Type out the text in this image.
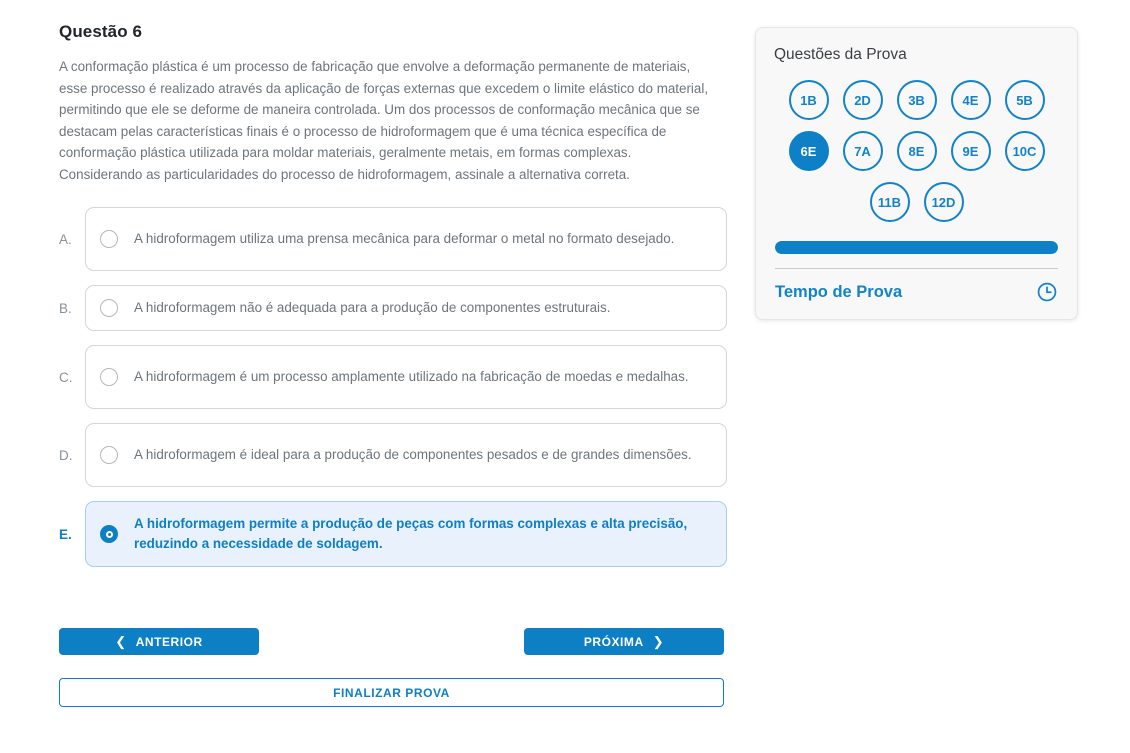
Questão 6

A conformação plástica é um processo de fabricação que envolve a deformação permanente de materiais, esse processo é realizado através da aplicação de forças externas que excedem o limite elástico do material, permitindo que ele se deforme de maneira controlada. Um dos processos de conformação mecânica que se destacam pelas características finais é o processo de hidroformagem que é uma técnica específica de conformação plástica utilizada para moldar materiais, geralmente metais, em formas complexas.

Considerando as particularidades do processo de hidroformagem, assinale a alternativa correta.

A.	A hidroformagem utiliza uma prensa mecânica para deformar o metal no formato desejado.
B.	A hidroformagem não é adequada para a produção de componentes estruturais.
C.	A hidroformagem é um processo amplamente utilizado na fabricação de moedas e medalhas.
D.	A hidroformagem é ideal para a produção de componentes pesados e de grandes dimensões.
E.
A hidroformagem permite a produção de peças com formas complexas e alta precisão, reduzindo a necessidade de soldagem.
❮ ANTERIOR	PRÓXIMA ❯
FINALIZAR PROVA
Questões da Prova
1B	2D	3B	4E	5B
6E	7A	8E	9E	10C
11B	12D
Tempo de Prova
